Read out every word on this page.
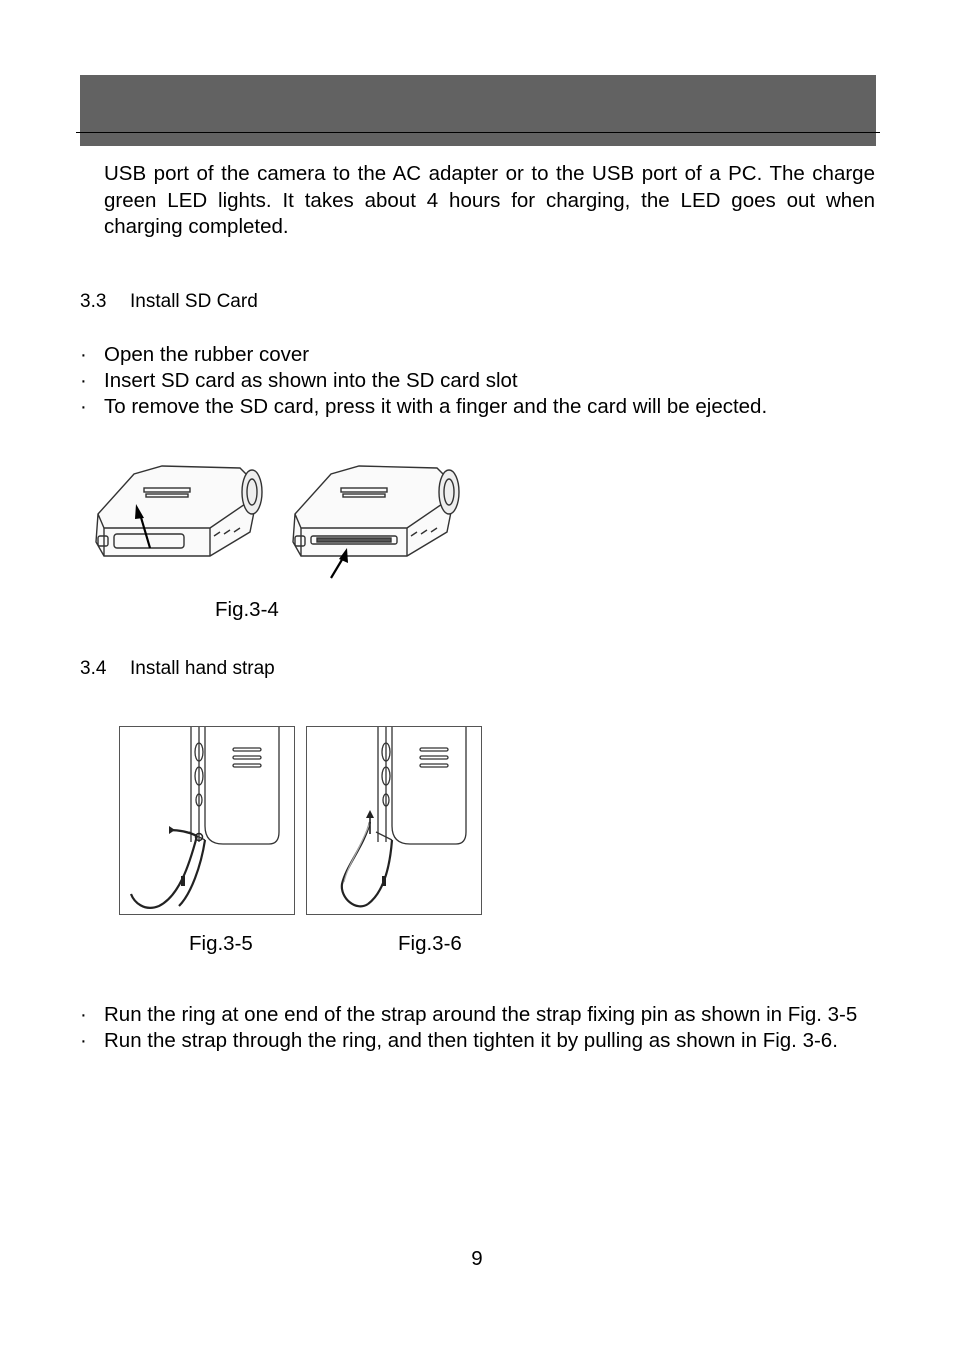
USB port of the camera to the AC adapter or to the USB port of a PC. The charge green LED lights. It takes about 4 hours for charging, the LED goes out when charging completed.

3.3 Install SD Card
· Open the rubber cover
· Insert SD card as shown into the SD card slot
· To remove the SD card, press it with a finger and the card will be ejected.
Fig.3-4
3.4 Install hand strap
Fig.3-5	Fig.3-6
· Run the ring at one end of the strap around the strap fixing pin as shown in Fig. 3-5
· Run the strap through the ring, and then tighten it by pulling as shown in Fig. 3-6.
9
